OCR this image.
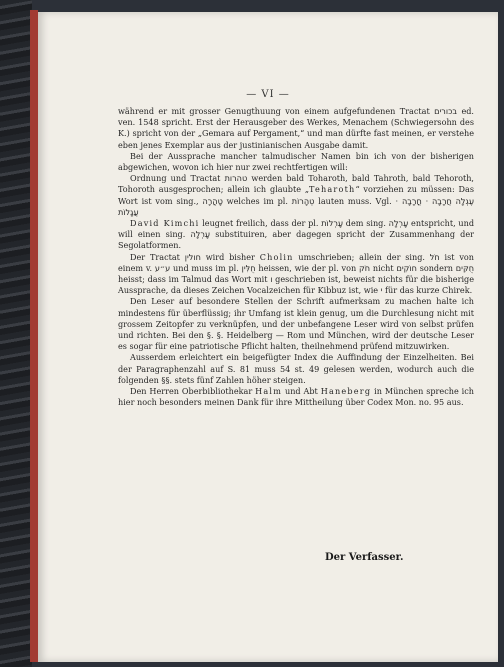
— VI —

während er mit grosser Genugthuung von einem aufgefundenen Tractat בכורים ed. ven. 1548 spricht. Erst der Herausgeber des Werkes, Menachem (Schwiegersohn des K.) spricht von der „Gemara auf Pergament,“ und man dürfte fast meinen, er verstehe eben jenes Exemplar aus der justinianischen Ausgabe damit.

Bei der Aussprache mancher talmudischer Namen bin ich von der bisherigen abgewichen, wovon ich hier nur zwei rechtfertigen will:

Ordnung und Tractat טהרות werden bald Toharoth, bald Tahroth, bald Tehoroth, Tohoroth ausgesprochen; allein ich glaubte „Teharoth“ vorziehen zu müssen: Das Wort ist vom sing., טָהֳרָה welches im pl. טְהָרוֹת lauten muss. Vgl. עֶגְלָה חֲרָבָה · חֳרָבָה · עֲגָלוֹת

David Kimchi leugnet freilich, dass der pl. עָרְלוֹת dem sing. עָרְלָה entspricht, und will einen sing. עָרְלָה substituiren, aber dagegen spricht der Zusammenhang der Segolatformen.

Der Tractat חולין wird bisher Cholin umschrieben; allein der sing. חֹל ist von einem v. ע״ע und muss im pl. חֻלִּין heissen, wie der pl. von חֹק nicht חוֹקִים sondern חֻקִּים heisst; dass im Talmud das Wort mit ו geschrieben ist, beweist nichts für die bisherige Aussprache, da dieses Zeichen Vocalzeichen für Kibbuz ist, wie י für das kurze Chirek.

Den Leser auf besondere Stellen der Schrift aufmerksam zu machen halte ich mindestens für überflüssig; ihr Umfang ist klein genug, um die Durchlesung nicht mit grossem Zeitopfer zu verknüpfen, und der unbefangene Leser wird von selbst prüfen und richten. Bei den §. §. Heidelberg — Rom und München, wird der deutsche Leser es sogar für eine patriotische Pflicht halten, theilnehmend prüfend mitzuwirken.

Ausserdem erleichtert ein beigefügter Index die Auffindung der Einzelheiten. Bei der Paragraphenzahl auf S. 81 muss 54 st. 49 gelesen werden, wodurch auch die folgenden §§. stets fünf Zahlen höher steigen.

Den Herren Oberbibliothekar Halm und Abt Haneberg in München spreche ich hier noch besonders meinen Dank für ihre Mittheilung über Codex Mon. no. 95 aus.

Der Verfasser.
